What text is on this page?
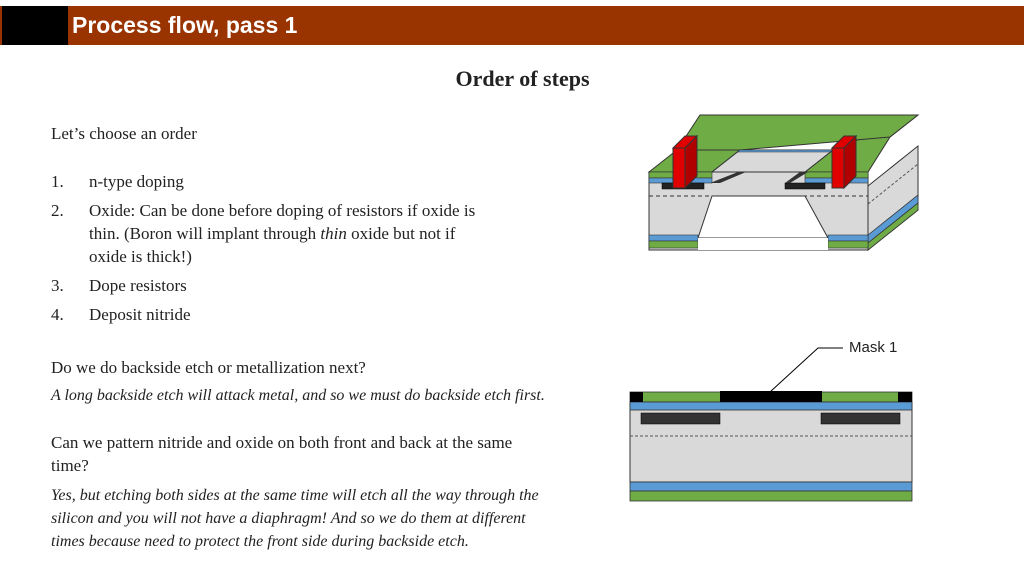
Process flow, pass 1
Order of steps
Let’s choose an order
1. n-type doping
2. Oxide: Can be done before doping of resistors if oxide is thin. (Boron will implant through thin oxide but not if oxide is thick!)
3. Dope resistors
4. Deposit nitride
Do we do backside etch or metallization next?
A long backside etch will attack metal, and so we must do backside etch first.
Can we pattern nitride and oxide on both front and back at the same time?
Yes, but etching both sides at the same time will etch all the way through the silicon and you will not have a diaphragm! And so we do them at different times because need to protect the front side during backside etch.
Mask 1
